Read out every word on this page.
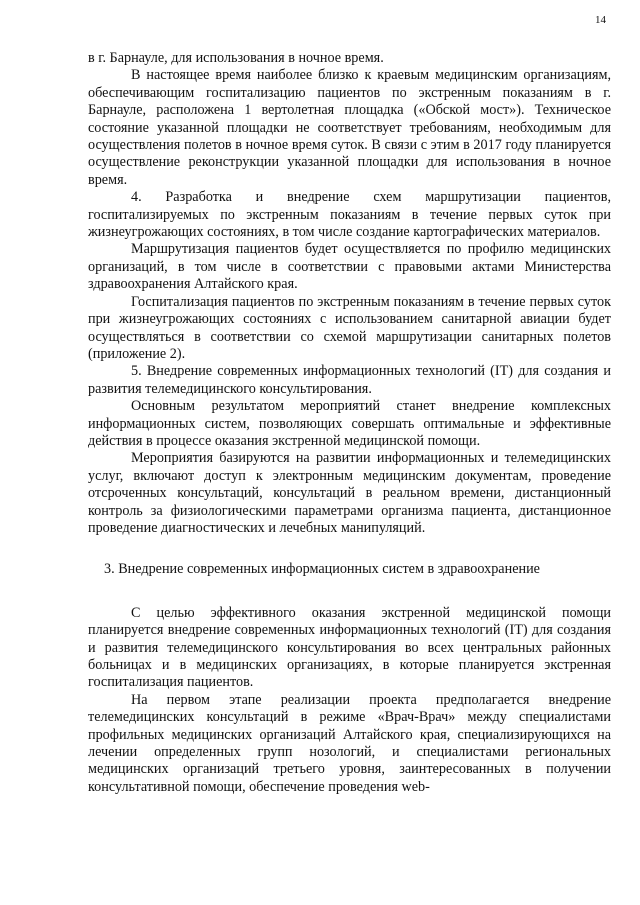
14

в г. Барнауле, для использования в ночное время.

В настоящее время наиболее близко к краевым медицинским организациям, обеспечивающим госпитализацию пациентов по экстренным показаниям в г. Барнауле, расположена 1 вертолетная площадка («Обской мост»). Техническое состояние указанной площадки не соответствует требованиям, необходимым для осуществления полетов в ночное время суток. В связи с этим в 2017 году планируется осуществление реконструкции указанной площадки для использования в ночное время.

4. Разработка и внедрение схем маршрутизации пациентов, госпитализируемых по экстренным показаниям в течение первых суток при жизнеугрожающих состояниях, в том числе создание картографических материалов.

Маршрутизация пациентов будет осуществляется по профилю медицинских организаций, в том числе в соответствии с правовыми актами Министерства здравоохранения Алтайского края.

Госпитализация пациентов по экстренным показаниям в течение первых суток при жизнеугрожающих состояниях с использованием санитарной авиации будет осуществляться в соответствии со схемой маршрутизации санитарных полетов (приложение 2).

5. Внедрение современных информационных технологий (IT) для создания и развития телемедицинского консультирования.

Основным результатом мероприятий станет внедрение комплексных информационных систем, позволяющих совершать оптимальные и эффективные действия в процессе оказания экстренной медицинской помощи.

Мероприятия базируются на развитии информационных и телемедицинских услуг, включают доступ к электронным медицинским документам, проведение отсроченных консультаций, консультаций в реальном времени, дистанционный контроль за физиологическими параметрами организма пациента, дистанционное проведение диагностических и лечебных манипуляций.

3. Внедрение современных информационных систем в здравоохранение

С целью эффективного оказания экстренной медицинской помощи планируется внедрение современных информационных технологий (IT) для создания и развития телемедицинского консультирования во всех центральных районных больницах и в медицинских организациях, в которые планируется экстренная госпитализация пациентов.

На первом этапе реализации проекта предполагается внедрение телемедицинских консультаций в режиме «Врач-Врач» между специалистами профильных медицинских организаций Алтайского края, специализирующихся на лечении определенных групп нозологий, и специалистами региональных медицинских организаций третьего уровня, заинтересованных в получении консультативной помощи, обеспечение проведения web-
